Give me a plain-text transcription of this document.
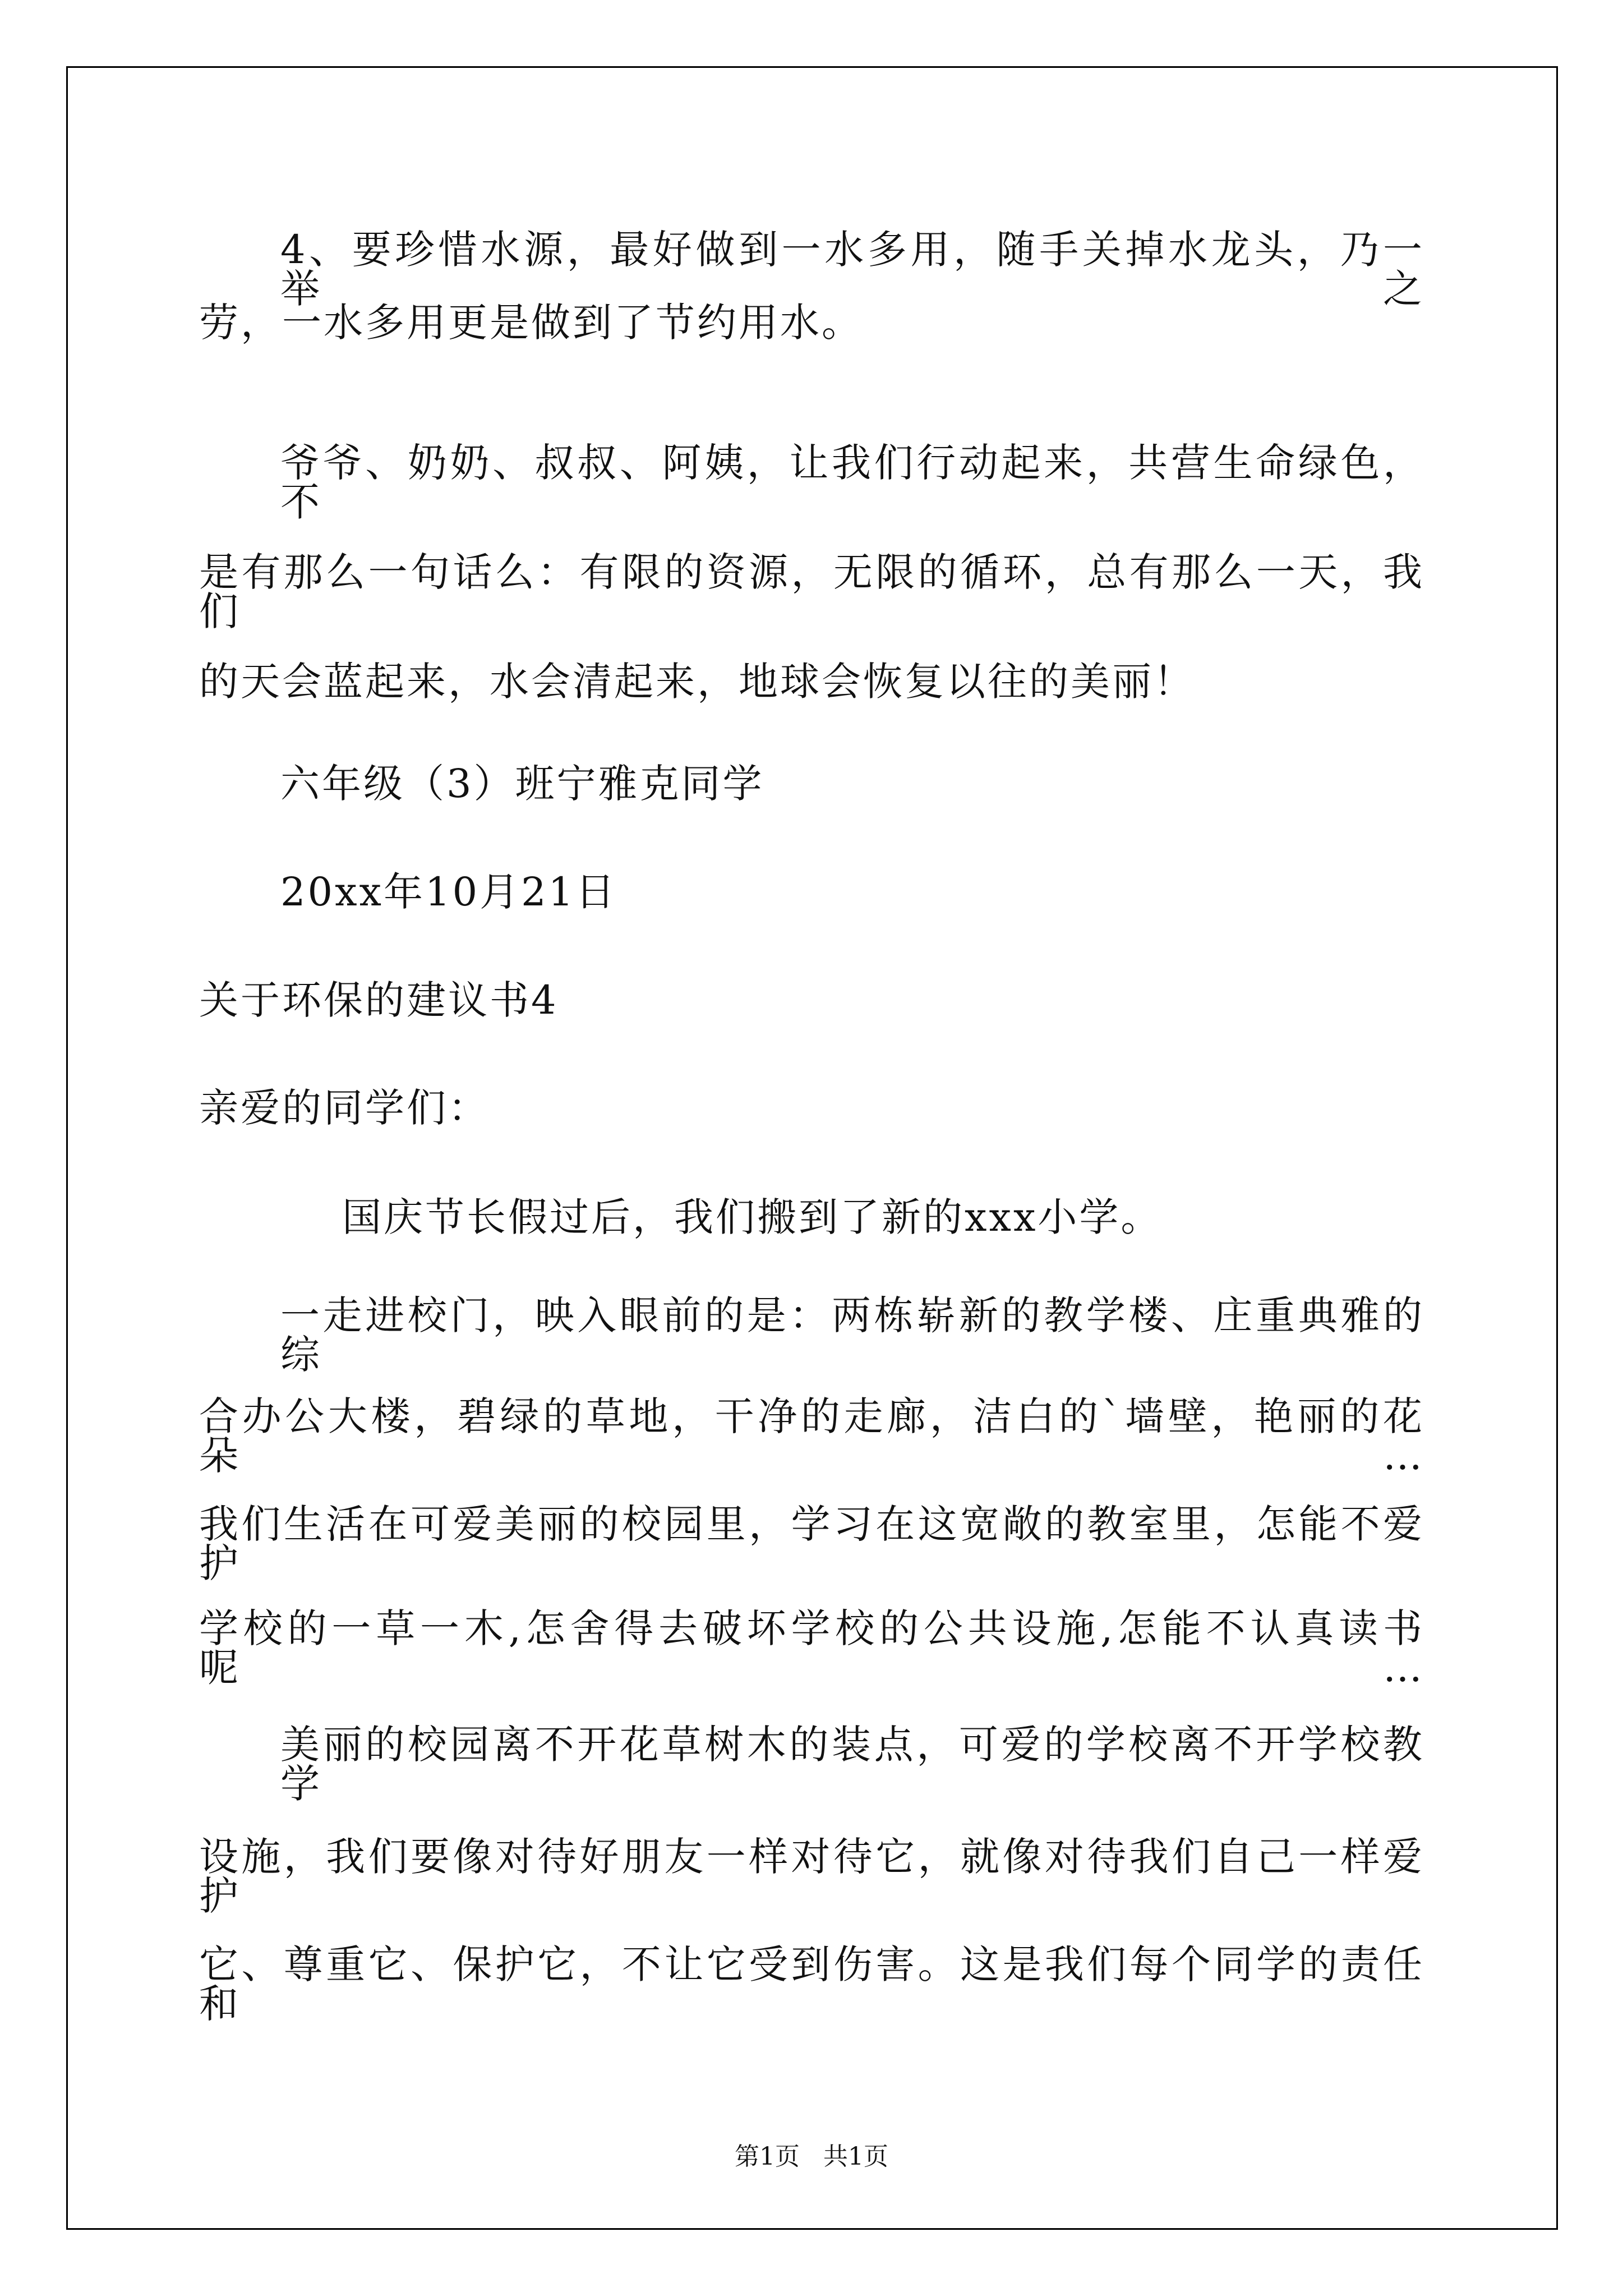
4、要珍惜水源，最好做到一水多用，随手关掉水龙头，乃一举之
劳，一水多用更是做到了节约用水。
爷爷、奶奶、叔叔、阿姨，让我们行动起来，共营生命绿色，不
是有那么一句话么：有限的资源，无限的循环，总有那么一天，我们
的天会蓝起来，水会清起来，地球会恢复以往的美丽！
六年级（3）班宁雅克同学
20xx年10月21日
关于环保的建议书4
亲爱的同学们：
国庆节长假过后，我们搬到了新的xxx小学。
一走进校门，映入眼前的是：两栋崭新的教学楼、庄重典雅的综
合办公大楼，碧绿的草地，干净的走廊，洁白的`墙壁，艳丽的花朵…
我们生活在可爱美丽的校园里，学习在这宽敞的教室里，怎能不爱护
学校的一草一木,怎舍得去破坏学校的公共设施,怎能不认真读书呢…
美丽的校园离不开花草树木的装点，可爱的学校离不开学校教学
设施，我们要像对待好朋友一样对待它，就像对待我们自己一样爱护
它、尊重它、保护它，不让它受到伤害。这是我们每个同学的责任和
第1页   共1页
